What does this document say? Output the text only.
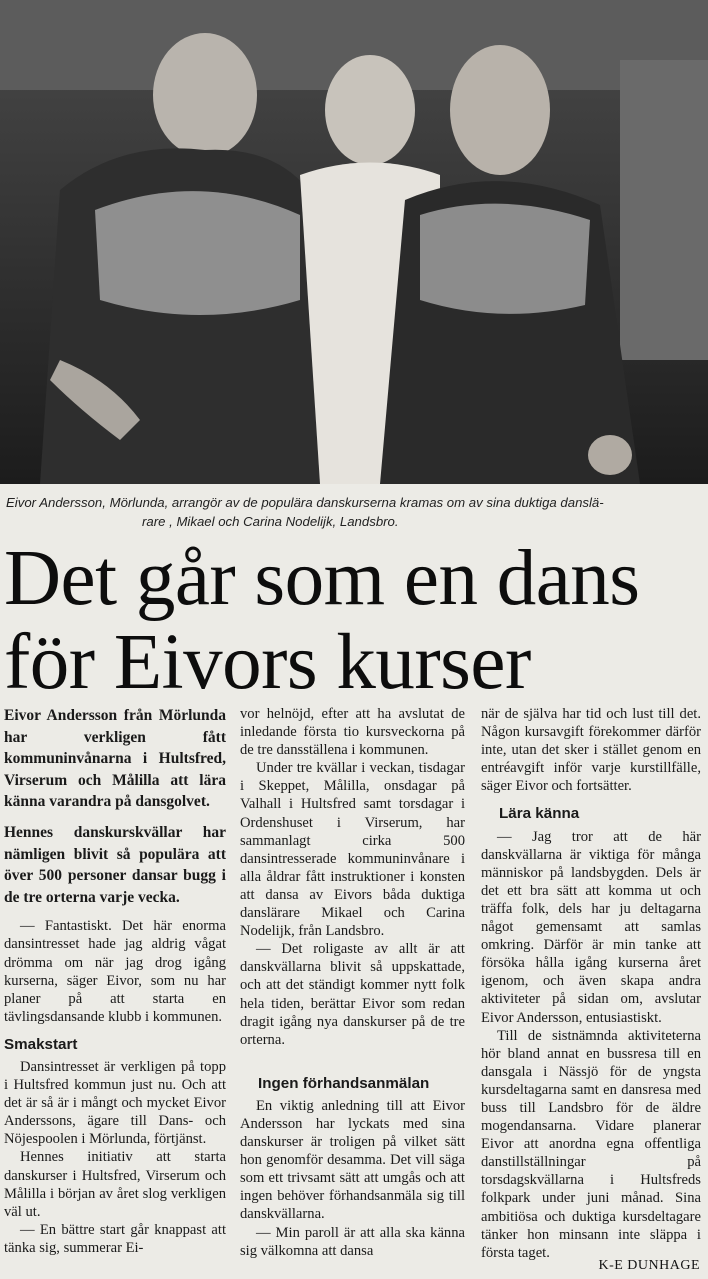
Eivor Andersson, Mörlunda, arrangör av de populära danskurserna kramas om av sina duktiga danslä-

rare , Mikael och Carina Nodelijk, Landsbro.

Det går som en dans
för Eivors kurser

Eivor Andersson från Mörlunda har verkligen fått kommuninvånarna i Hultsfred, Virserum och Målilla att lära känna varandra på dansgolvet.

Hennes danskurskvällar har nämligen blivit så populära att över 500 personer dansar bugg i de tre orterna varje vecka.

— Fantastiskt. Det här enorma dansintresset hade jag aldrig vågat drömma om när jag drog igång kurserna, säger Eivor, som nu har planer på att starta en tävlingsdansande klubb i kommunen.

Smakstart

Dansintresset är verkligen på topp i Hultsfred kommun just nu. Och att det är så är i mångt och mycket Eivor Anderssons, ägare till Dans- och Nöjespoolen i Mörlunda, förtjänst.

Hennes initiativ att starta danskurser i Hultsfred, Virserum och Målilla i början av året slog verkligen väl ut.

— En bättre start går knappast att tänka sig, summerar Ei-

vor helnöjd, efter att ha avslutat de inledande första tio kursveckorna på de tre dansställena i kommunen.

Under tre kvällar i veckan, tisdagar i Skeppet, Målilla, onsdagar på Valhall i Hultsfred samt torsdagar i Ordenshuset i Virserum, har sammanlagt cirka 500 dansintresserade kommuninvånare i alla åldrar fått instruktioner i konsten att dansa av Eivors båda duktiga danslärare Mikael och Carina Nodelijk, från Landsbro.

— Det roligaste av allt är att danskvällarna blivit så uppskattade, och att det ständigt kommer nytt folk hela tiden, berättar Eivor som redan dragit igång nya danskurser på de tre orterna.

Ingen förhandsanmälan

En viktig anledning till att Eivor Andersson har lyckats med sina danskurser är troligen på vilket sätt hon genomför desamma. Det vill säga som ett trivsamt sätt att umgås och att ingen behöver förhandsanmäla sig till danskvällarna.

— Min paroll är att alla ska känna sig välkomna att dansa

när de själva har tid och lust till det. Någon kursavgift förekommer därför inte, utan det sker i stället genom en entréavgift inför varje kurstillfälle, säger Eivor och fortsätter.

Lära känna

— Jag tror att de här danskvällarna är viktiga för många människor på landsbygden. Dels är det ett bra sätt att komma ut och träffa folk, dels har ju deltagarna något gemensamt att samlas omkring. Därför är min tanke att försöka hålla igång kurserna året igenom, och även skapa andra aktiviteter på sidan om, avslutar Eivor Andersson, entusiastiskt.

Till de sistnämnda aktiviteterna hör bland annat en bussresa till en dansgala i Nässjö för de yngsta kursdeltagarna samt en dansresa med buss till Landsbro för de äldre mogendansarna. Vidare planerar Eivor att anordna egna offentliga danstillställningar på torsdagskvällarna i Hultsfreds folkpark under juni månad. Sina ambitiösa och duktiga kursdeltagare tänker hon minsann inte släppa i första taget.

K-E DUNHAGE
